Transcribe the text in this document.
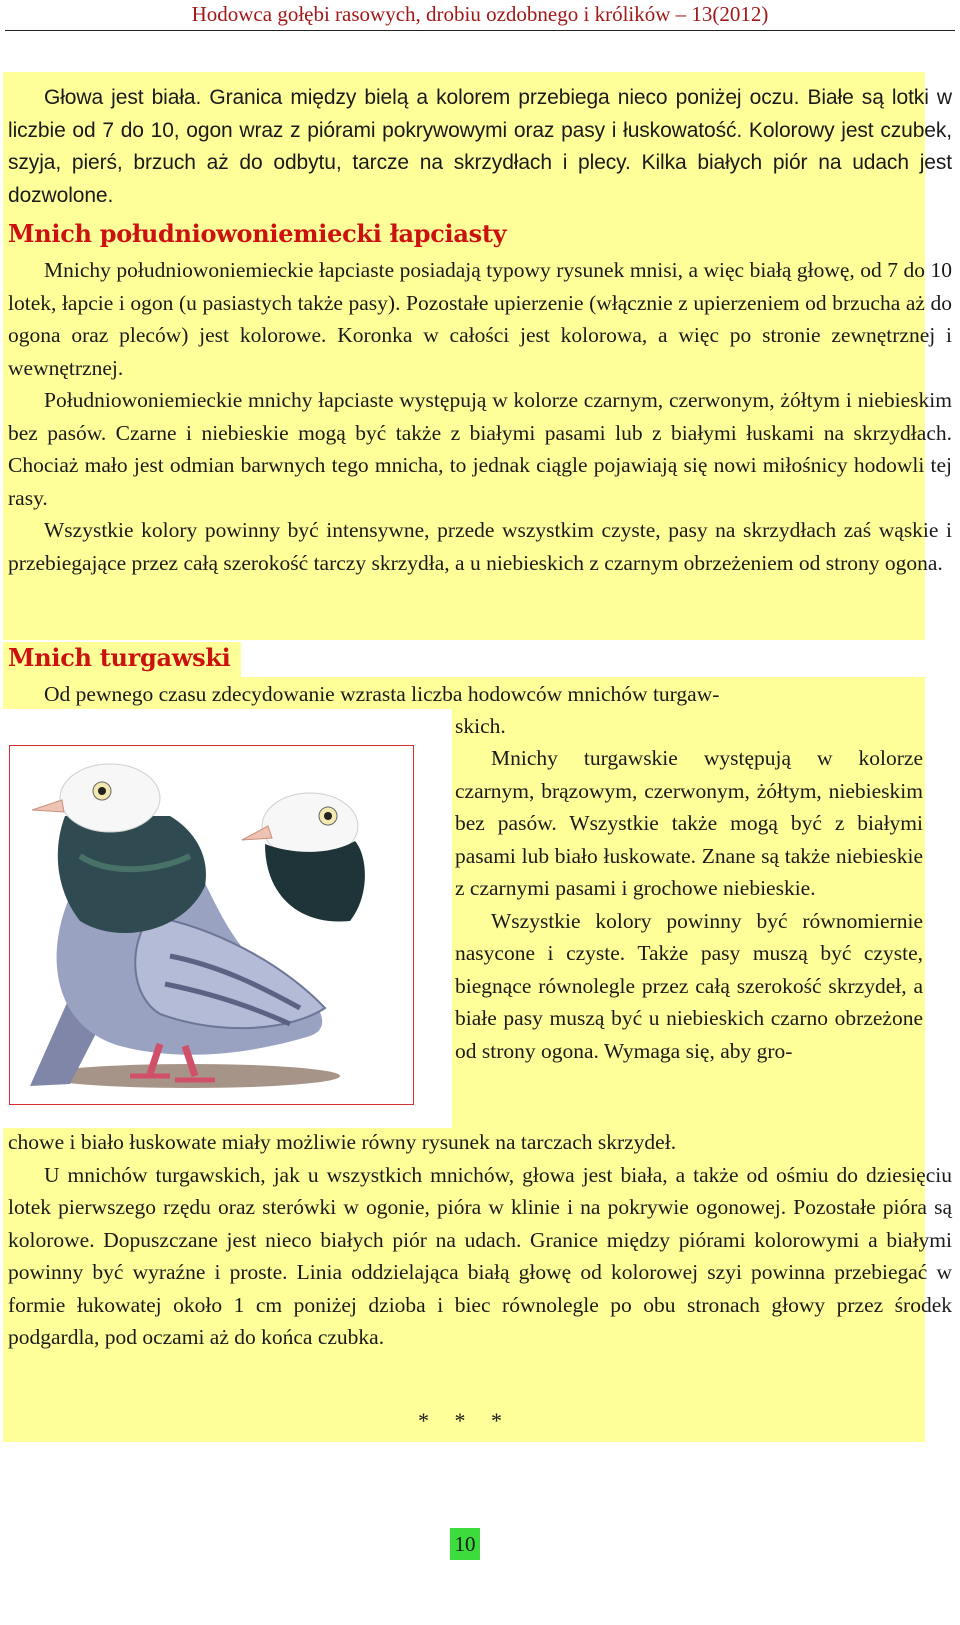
Hodowca gołębi rasowych, drobiu ozdobnego i królików – 13(2012)

Głowa jest biała. Granica między bielą a kolorem przebiega nieco poniżej oczu. Białe są lotki w liczbie od 7 do 10, ogon wraz z piórami pokrywowymi oraz pasy i łuskowatość. Kolorowy jest czubek, szyja, pierś, brzuch aż do odbytu, tarcze na skrzydłach i plecy. Kilka białych piór na udach jest dozwolone.

Mnich południowoniemiecki łapciasty

Mnichy południowoniemieckie łapciaste posiadają typowy rysunek mnisi, a więc białą głowę, od 7 do 10 lotek, łapcie i ogon (u pasiastych także pasy). Pozostałe upierzenie (włącznie z upierzeniem od brzucha aż do ogona oraz pleców) jest kolorowe. Koronka w całości jest kolorowa, a więc po stronie zewnętrznej i wewnętrznej.

Południowoniemieckie mnichy łapciaste występują w kolorze czarnym, czerwonym, żółtym i niebieskim bez pasów. Czarne i niebieskie mogą być także z białymi pasami lub z białymi łuskami na skrzydłach. Chociaż mało jest odmian barwnych tego mnicha, to jednak ciągle pojawiają się nowi miłośnicy hodowli tej rasy.

Wszystkie kolory powinny być intensywne, przede wszystkim czyste, pasy na skrzydłach zaś wąskie i przebiegające przez całą szerokość tarczy skrzydła, a u niebieskich z czarnym obrzeżeniem od strony ogona.

Mnich turgawski

Od pewnego czasu zdecydowanie wzrasta liczba hodowców mnichów turgaw-

skich.

Mnichy turgawskie występują w kolorze czarnym, brązowym, czerwonym, żółtym, niebieskim bez pasów. Wszystkie także mogą być z białymi pasami lub biało łuskowate. Znane są także niebieskie z czarnymi pasami i grochowe niebieskie.

Wszystkie kolory powinny być równomiernie nasycone i czyste. Także pasy muszą być czyste, biegnące równolegle przez całą szerokość skrzydeł, a białe pasy muszą być u niebieskich czarno obrzeżone od strony ogona. Wymaga się, aby gro-

chowe i biało łuskowate miały możliwie równy rysunek na tarczach skrzydeł.

U mnichów turgawskich, jak u wszystkich mnichów, głowa jest biała, a także od ośmiu do dziesięciu lotek pierwszego rzędu oraz sterówki w ogonie, pióra w klinie i na pokrywie ogonowej. Pozostałe pióra są kolorowe. Dopuszczane jest nieco białych piór na udach. Granice między piórami kolorowymi a białymi powinny być wyraźne i proste. Linia oddzielająca białą głowę od kolorowej szyi powinna przebiegać w formie łukowatej około 1 cm poniżej dzioba i biec równolegle po obu stronach głowy przez środek podgardla, pod oczami aż do końca czubka.

* * *
10
